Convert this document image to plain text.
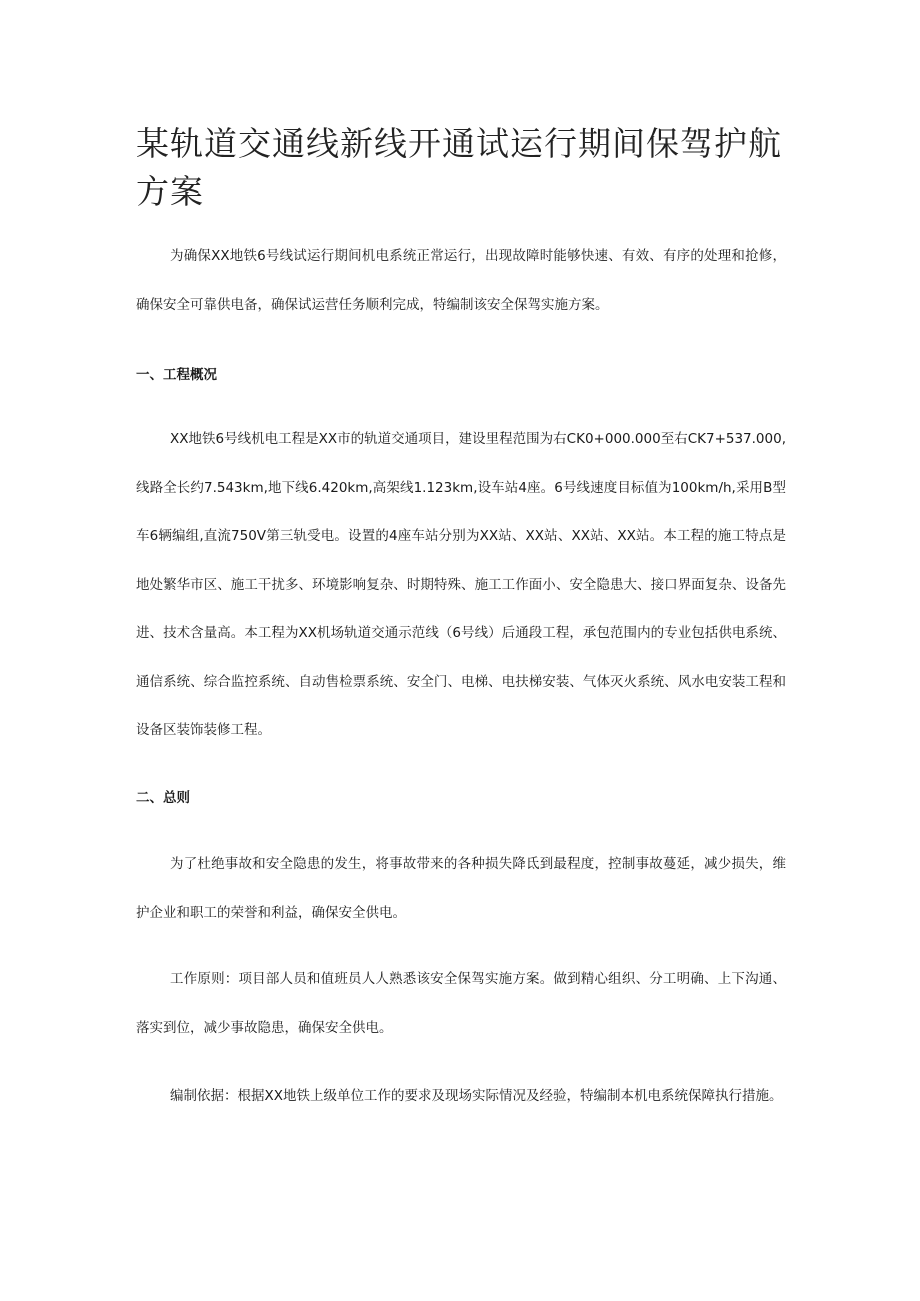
某轨道交通线新线开通试运行期间保驾护航方案

为确保XX地铁6号线试运行期间机电系统正常运行，出现故障时能够快速、有效、有序的处理和抢修，确保安全可靠供电备，确保试运营任务顺利完成，特编制该安全保驾实施方案。

一、工程概况

XX地铁6号线机电工程是XX市的轨道交通项目，建设里程范围为右CK0+000.000至右CK7+537.000,线路全长约7.543km,地下线6.420km,高架线1.123km,设车站4座。6号线速度目标值为100km/h,采用B型车6辆编组,直流750V第三轨受电。设置的4座车站分别为XX站、XX站、XX站、XX站。本工程的施工特点是地处繁华市区、施工干扰多、环境影响复杂、时期特殊、施工工作面小、安全隐患大、接口界面复杂、设备先进、技术含量高。本工程为XX机场轨道交通示范线（6号线）后通段工程，承包范围内的专业包括供电系统、通信系统、综合监控系统、自动售检票系统、安全门、电梯、电扶梯安装、气体灭火系统、风水电安装工程和设备区装饰装修工程。

二、总则

为了杜绝事故和安全隐患的发生，将事故带来的各种损失降氐到最程度，控制事故蔓延，减少损失，维护企业和职工的荣誉和利益，确保安全供电。

工作原则：项目部人员和值班员人人熟悉该安全保驾实施方案。做到精心组织、分工明确、上下沟通、落实到位，减少事故隐患，确保安全供电。

编制依据：根据XX地铁上级单位工作的要求及现场实际情况及经验，特编制本机电系统保障执行措施。
